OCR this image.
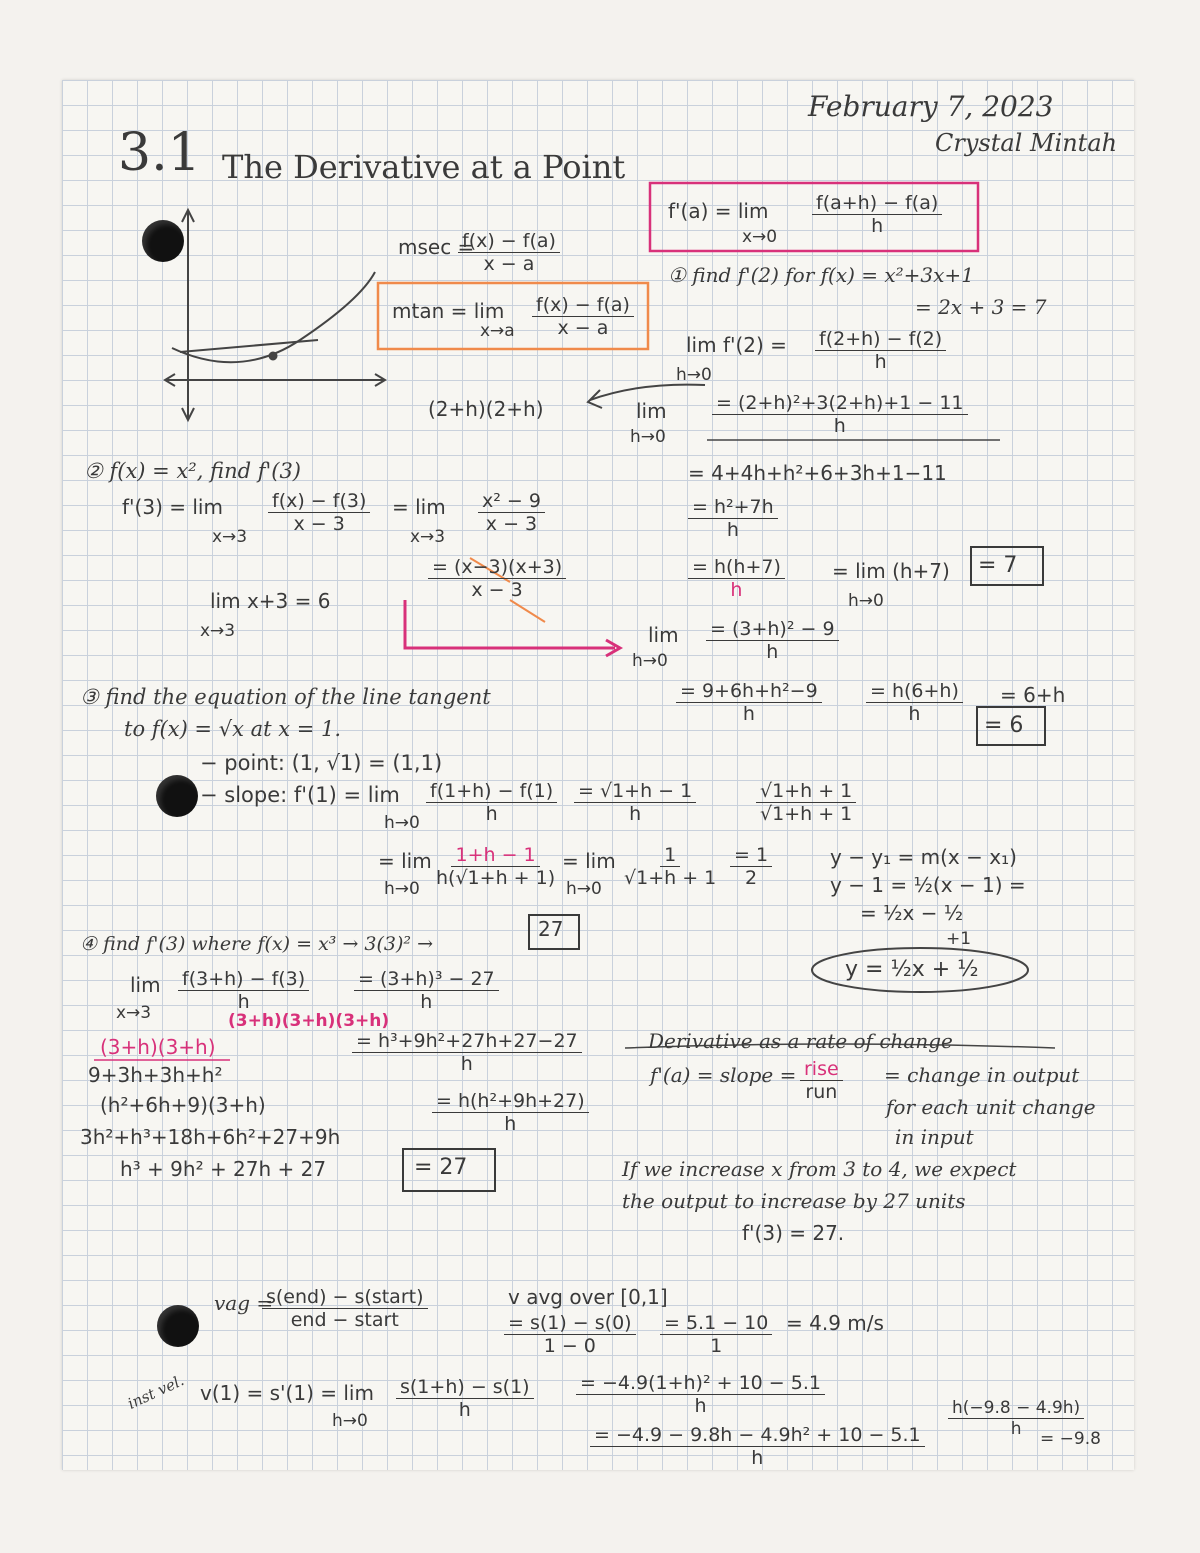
3.1 The Derivative at a Point
February 7, 2023
Crystal Mintah
$f'(a) = \lim \frac{f(a+h) - f(a)}{h}$
x→0
msec =
$\frac{f(x) - f(a)}{x - a}$
mtan = lim
$x\to a \frac{f(x) - f(a)}{x - a}$
(2+h)(2+h)
① find f'(2) for f(x) = x²+3x+1
= 2x + 3 = 7
lim f'(2) =
h→0
$\frac{f(2+h) - f(2)}{h}$
lim
$h\to 0 \frac{\text{= (2+h)²+3(2+h)+1 − 11}}{h}$
= 4+4h+h²+6+3h+1−11
$\frac{\text{= h²+7h}}{h}$
$\frac{= h(h+7)}{h} = \lim (h+7)$
h→0
= 7
② f(x) = x², find f'(3)
f'(3) = lim
x→3
$\frac{f(x) - f(3)}{x - 3} = \lim$
x→3
$\frac{\text{x² − 9}}{x - 3}$
$\frac{= (x-3)(x+3)}{x - 3}$
lim x+3 = 6
x→3	lim
$h\to 0 \frac{\text{= (3+h)² − 9}}{h}$
$\frac{\text{= 9+6h+h²−9}}{h} \frac{= h(6+h)}{h} = 6+h$
= 6
③ find the equation of the line tangent
to f(x) = √x at x = 1.
− point: (1, √1) = (1,1)
− slope: f'(1) = lim
$h\to 0 \frac{f(1+h) - f(1)}{h} \frac{= √1+h - 1}{h}$	$\frac{√1+h + 1}{√1+h + 1}$
= lim
$h\to 0 \frac{1+h - 1}{h(√1+h + 1)} = \lim$
$h\to 0 \frac{1}{√1+h + 1} \frac{= 1}{2}$	y − y₁ = m(x − x₁)
y − 1 = ½(x − 1) =
= ½x − ½
+1
y = ½x + ½
④ find f'(3) where f(x) = x³ → 3(3)² →
27
lim
$x\to 3 \frac{f(3+h) - f(3)}{h} \frac{\text{= (3+h)³ − 27}}{h}$
(3+h)(3+h)(3+h)
(3+h)(3+h)
9+3h+3h+h²
(h²+6h+9)(3+h)
3h²+h³+18h+6h²+27+9h
h³ + 9h² + 27h + 27
$\frac{\text{= h³+9h²+27h+27−27}}{h}$
$\frac{\text{= h(h²+9h+27)}}{h}$
= 27
Derivative as a rate of change
f'(a) = slope = rise
run
= change in output
for each unit change
in input
If we increase x from 3 to 4, we expect
the output to increase by 27 units
f'(3) = 27.
vag =
s(end) − s(start)
end − start
v avg over [0,1]
$\frac{= s(1) - s(0)}{1 - 0} \frac{= 5.1 - 10}{1} = 4.9$ m/s
inst vel. v(1) = s'(1) = lim
$h\to 0 \frac{s(1+h) - s(1)}{h} \frac{\text{= −4.9(1+h)² + 10 − 5.1}}{h}$
$\frac{\text{= −4.9 − 9.8h − 4.9h² + 10 − 5.1}}{h}$
$\frac{h(-9.8 - 4.9h)}{h}$
= −9.8
